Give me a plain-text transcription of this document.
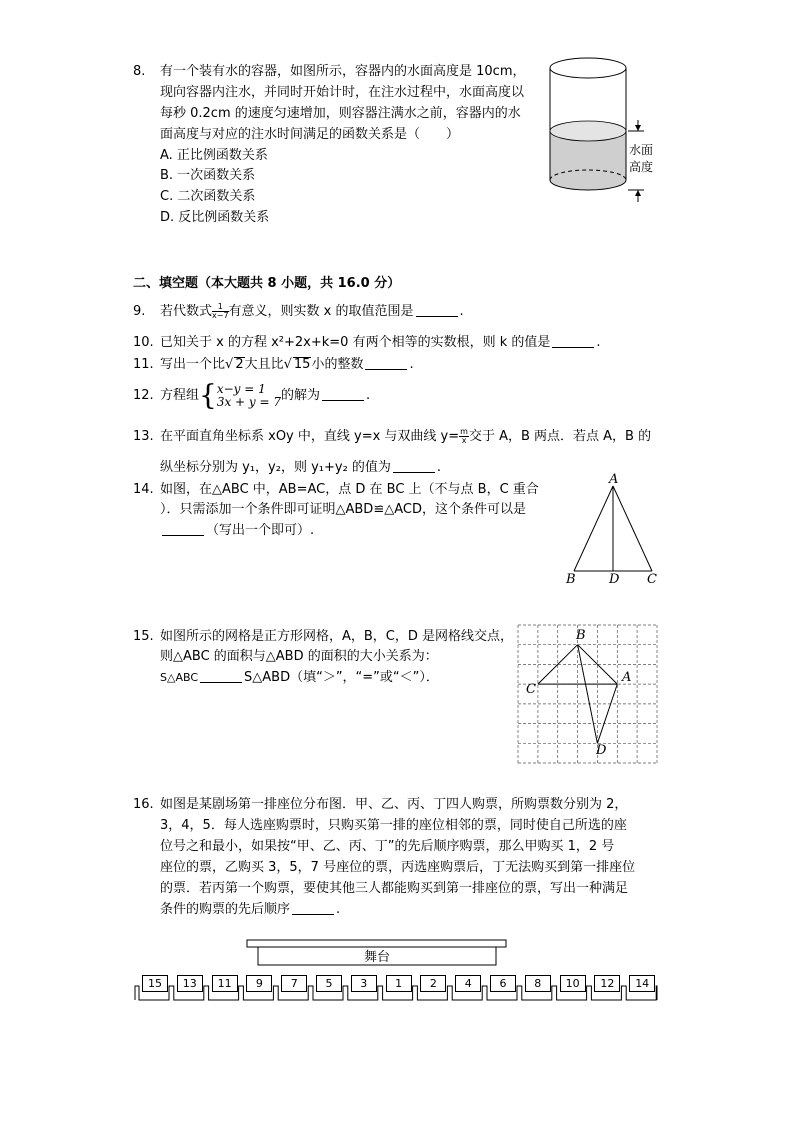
8. 有一个装有水的容器，如图所示，容器内的水面高度是 10cm，
现向容器内注水，并同时开始计时，在注水过程中，水面高度以
每秒 0.2cm 的速度匀速增加，则容器注满水之前，容器内的水
面高度与对应的注水时间满足的函数关系是（　　）
A. 正比例函数关系
B. 一次函数关系
C. 二次函数关系
D. 反比例函数关系
水面
高度
二、填空题（本大题共 8 小题，共 16.0 分）
9. 若代数式 $\frac{1}{x-7}$ 有意义，则实数 x 的取值范围是	.
10. 已知关于 x 的方程 x²+2x+k=0 有两个相等的实数根，则 k 的值是	.
11. 写出一个比√ 2大且比√ 15小的整数	.
12. 方程组{ x−y = 1
3x + y = 7 的解为	.
13. 在平面直角坐标系 xOy 中，直线 y=x 与双曲线 $y= \frac{m}{x}$ 交于 A，B 两点．若点 A，B 的
纵坐标分别为 y₁，y₂，则 y₁+y₂ 的值为	.
14. 如图，在△ABC 中，AB=AC，点 D 在 BC 上（不与点 B，C 重合
）．只需添加一个条件即可证明△ABD≌△ACD，这个条件可以是
（写出一个即可）.
A
B	D C
15. 如图所示的网格是正方形网格，A，B，C，D 是网格线交点，
则△ABC 的面积与△ABD 的面积的大小关系为：
S△ABC	S△ABD（填“＞”，“=”或“＜”）．
B
C
A
D
16. 如图是某剧场第一排座位分布图．甲、乙、丙、丁四人购票，所购票数分别为 2，
3，4，5．每人选座购票时，只购买第一排的座位相邻的票，同时使自己所选的座
位号之和最小，如果按“甲、乙、丙、丁”的先后顺序购票，那么甲购买 1，2 号
座位的票，乙购买 3，5，7 号座位的票，丙选座购票后，丁无法购买到第一排座位
的票．若丙第一个购票，要使其他三人都能购买到第一排座位的票，写出一种满足
条件的购票的先后顺序	.
舞台
15	13	11	9	7	5	3	1	2	4	6	8	10	12	14
